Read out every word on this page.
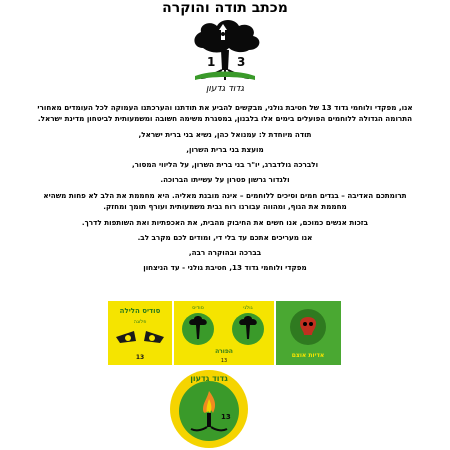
מכתב תודה והוקרה
1 3
גדוד גדעון

אנו, מפקדי ולוחמי גדוד 13 של חטיבת גולני, מבקשים להביע את תודתנו והערכתנו העמוקה לכל העומדים מאחורי התרומה הגדולה ללוחמים הפועלים בימים אלו בלבנון, במסגרת משימה חשובה ומשמעותית לביטחון מדינת ישראל.

תודה מיוחדת ל: עמנואל כהן, נשיא בני ברית ישראל,

מועצת בני ברית השרון,

ולברכה גולדברג, יו"ר בני ברית השרון, על הליווי המסור,

ולגדור גרשון פטרון על עשייתו הברוכה.

תרומתכם האדיבה – בגדים חמים וסיכים ללוחמים – אינה מובנת מאליה. היא מחממת את הלב לא פחות משהיא מחממת את הגוף, ומהווה עבורנו רוח גבית משמעותית ועורף תומך ומחזק.

בזכות אנשים כמוכם, אנו חשים את החיבוק מהבית, את האכפתיות ואת השותפות לדרך.

אנו מעריכים אתכם עד בלי די, ומודים לכם מקרב לב.

בברכה ובהוקרה רבה,

מפקדי ולוחמי גדוד 13, חטיבת גולני - עד הניצחון

סודיס הלילה
פלוגה
13
סודיס	גולני
הפורה
13
אדיות אוצם
גדוד גדעון
13
